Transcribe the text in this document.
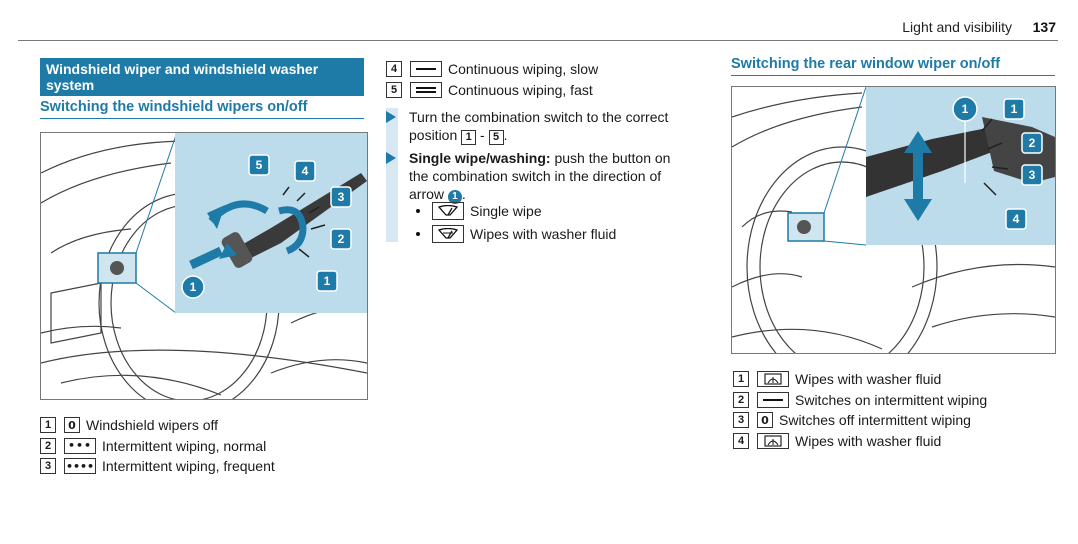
Light and visibility 137
Windshield wiper and windshield washer system
Switching the windshield wipers on/off
1
2
3
4
5
1
1	0 Windshield wipers off
2	••• Intermittent wiping, normal
3	•••• Intermittent wiping, frequent
4	Continuous wiping, slow
5	Continuous wiping, fast
Turn the combination switch to the correct
position 1 - 5 .
Single wipe/washing: push the button on
the combination switch in the direction of
arrow 1 .
Single wipe
Wipes with washer fluid
Switching the rear window wiper on/off
1	1
2
3
4
1	Wipes with washer fluid
2	Switches on intermittent wiping
3	0 Switches off intermittent wiping
4	Wipes with washer fluid
